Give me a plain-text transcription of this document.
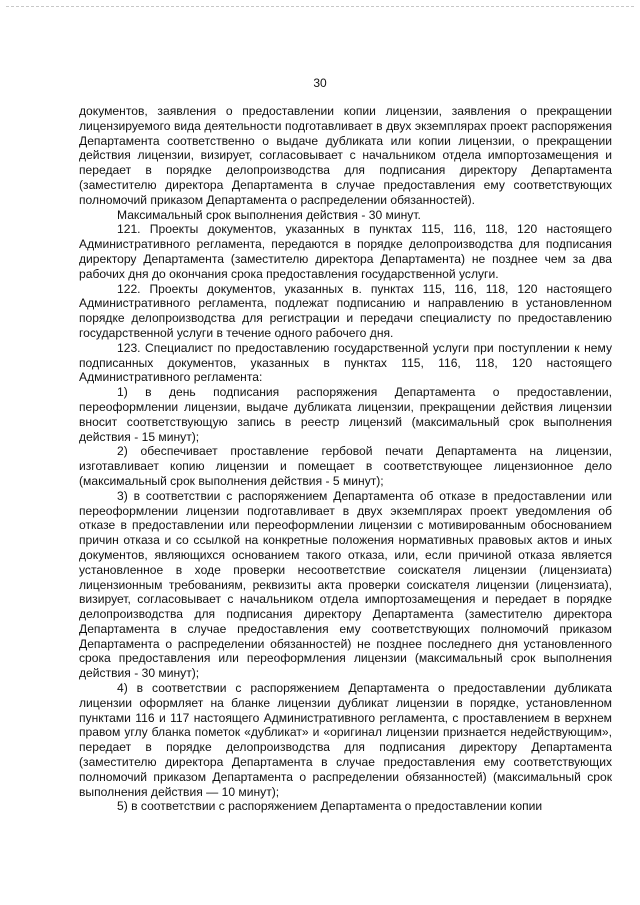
30

документов, заявления о предоставлении копии лицензии, заявления о прекращении лицензируемого вида деятельности подготавливает в двух экземплярах проект распоряжения Департамента соответственно о выдаче дубликата или копии лицензии, о прекращении действия лицензии, визирует, согласовывает с начальником отдела импортозамещения и передает в порядке делопроизводства для подписания директору Департамента (заместителю директора Департамента в случае предоставления ему соответствующих полномочий приказом Департамента о распределении обязанностей).

Максимальный срок выполнения действия - 30 минут.

121. Проекты документов, указанных в пунктах 115, 116, 118, 120 настоящего Административного регламента, передаются в порядке делопроизводства для подписания директору Департамента (заместителю директора Департамента) не позднее чем за два рабочих дня до окончания срока предоставления государственной услуги.

122. Проекты документов, указанных в. пунктах 115, 116, 118, 120 настоящего Административного регламента, подлежат подписанию и направлению в установленном порядке делопроизводства для регистрации и передачи специалисту по предоставлению государственной услуги в течение одного рабочего дня.

123. Специалист по предоставлению государственной услуги при поступлении к нему подписанных документов, указанных в пунктах 115, 116, 118, 120 настоящего Административного регламента:

1) в день подписания распоряжения Департамента о предоставлении, переоформлении лицензии, выдаче дубликата лицензии, прекращении действия лицензии вносит соответствующую запись в реестр лицензий (максимальный срок выполнения действия - 15 минут);

2) обеспечивает проставление гербовой печати Департамента на лицензии, изготавливает копию лицензии и помещает в соответствующее лицензионное дело (максимальный срок выполнения действия - 5 минут);

3) в соответствии с распоряжением Департамента об отказе в предоставлении или переоформлении лицензии подготавливает в двух экземплярах проект уведомления об отказе в предоставлении или переоформлении лицензии с мотивированным обоснованием причин отказа и со ссылкой на конкретные положения нормативных правовых актов и иных документов, являющихся основанием такого отказа, или, если причиной отказа является установленное в ходе проверки несоответствие соискателя лицензии (лицензиата) лицензионным требованиям, реквизиты акта проверки соискателя лицензии (лицензиата), визирует, согласовывает с начальником отдела импортозамещения и передает в порядке делопроизводства для подписания директору Департамента (заместителю директора Департамента в случае предоставления ему соответствующих полномочий приказом Департамента о распределении обязанностей) не позднее последнего дня установленного срока предоставления или переоформления лицензии (максимальный срок выполнения действия - 30 минут);

4) в соответствии с распоряжением Департамента о предоставлении дубликата лицензии оформляет на бланке лицензии дубликат лицензии в порядке, установленном пунктами 116 и 117 настоящего Административного регламента, с проставлением в верхнем правом углу бланка пометок «дубликат» и «оригинал лицензии признается недействующим», передает в порядке делопроизводства для подписания директору Департамента (заместителю директора Департамента в случае предоставления ему соответствующих полномочий приказом Департамента о распределении обязанностей) (максимальный срок выполнения действия — 10 минут);

5) в соответствии с распоряжением Департамента о предоставлении копии
